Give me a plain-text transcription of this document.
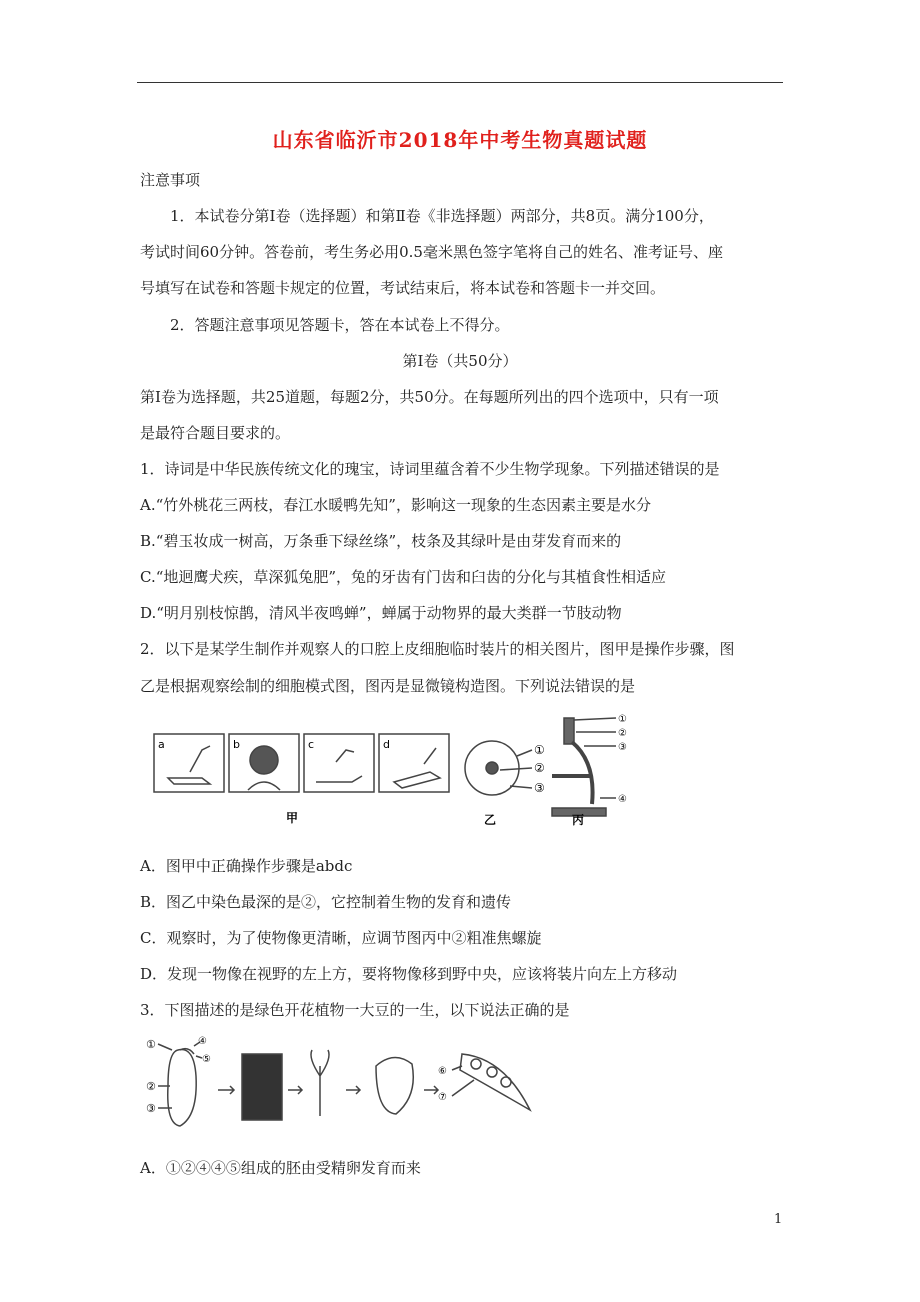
山东省临沂市2018年中考生物真题试题
注意事项
1．本试卷分第Ⅰ卷（选择题）和第Ⅱ卷《非选择题）两部分，共8页。满分100分，
考试时间60分钟。答卷前，考生务必用0.5毫米黑色签字笔将自己的姓名、准考证号、座
号填写在试卷和答题卡规定的位置，考试结束后，将本试卷和答题卡一并交回。
2．答题注意事项见答题卡，答在本试卷上不得分。
第Ⅰ卷（共50分）
第Ⅰ卷为选择题，共25道题，每题2分，共50分。在每题所列出的四个选项中，只有一项
是最符合题目要求的。
1．诗词是中华民族传统文化的瑰宝，诗词里蕴含着不少生物学现象。下列描述错误的是
A.“竹外桃花三两枝，春江水暖鸭先知”，影响这一现象的生态因素主要是水分
B.“碧玉妆成一树高，万条垂下绿丝绦”，枝条及其绿叶是由芽发育而来的
C.“地迥鹰犬疾，草深狐兔肥”，兔的牙齿有门齿和臼齿的分化与其植食性相适应
D.“明月别枝惊鹊，清风半夜鸣蝉”，蝉属于动物界的最大类群一节肢动物
2．以下是某学生制作并观察人的口腔上皮细胞临时装片的相关图片，图甲是操作步骤，图
乙是根据观察绘制的细胞模式图，图丙是显微镜构造图。下列说法错误的是
a	b	c	d	①
②
③
①
②
③
④
甲	乙	丙
A．图甲中正确操作步骤是abdc
B．图乙中染色最深的是②，它控制着生物的发育和遗传
C．观察时，为了使物像更清晰，应调节图丙中②粗准焦螺旋
D．发现一物像在视野的左上方，要将物像移到野中央，应该将装片向左上方移动
3．下图描述的是绿色开花植物一大豆的一生，以下说法正确的是
①
②
③
④
⑤
⑥
⑦
A．①②④④⑤组成的胚由受精卵发育而来
1
